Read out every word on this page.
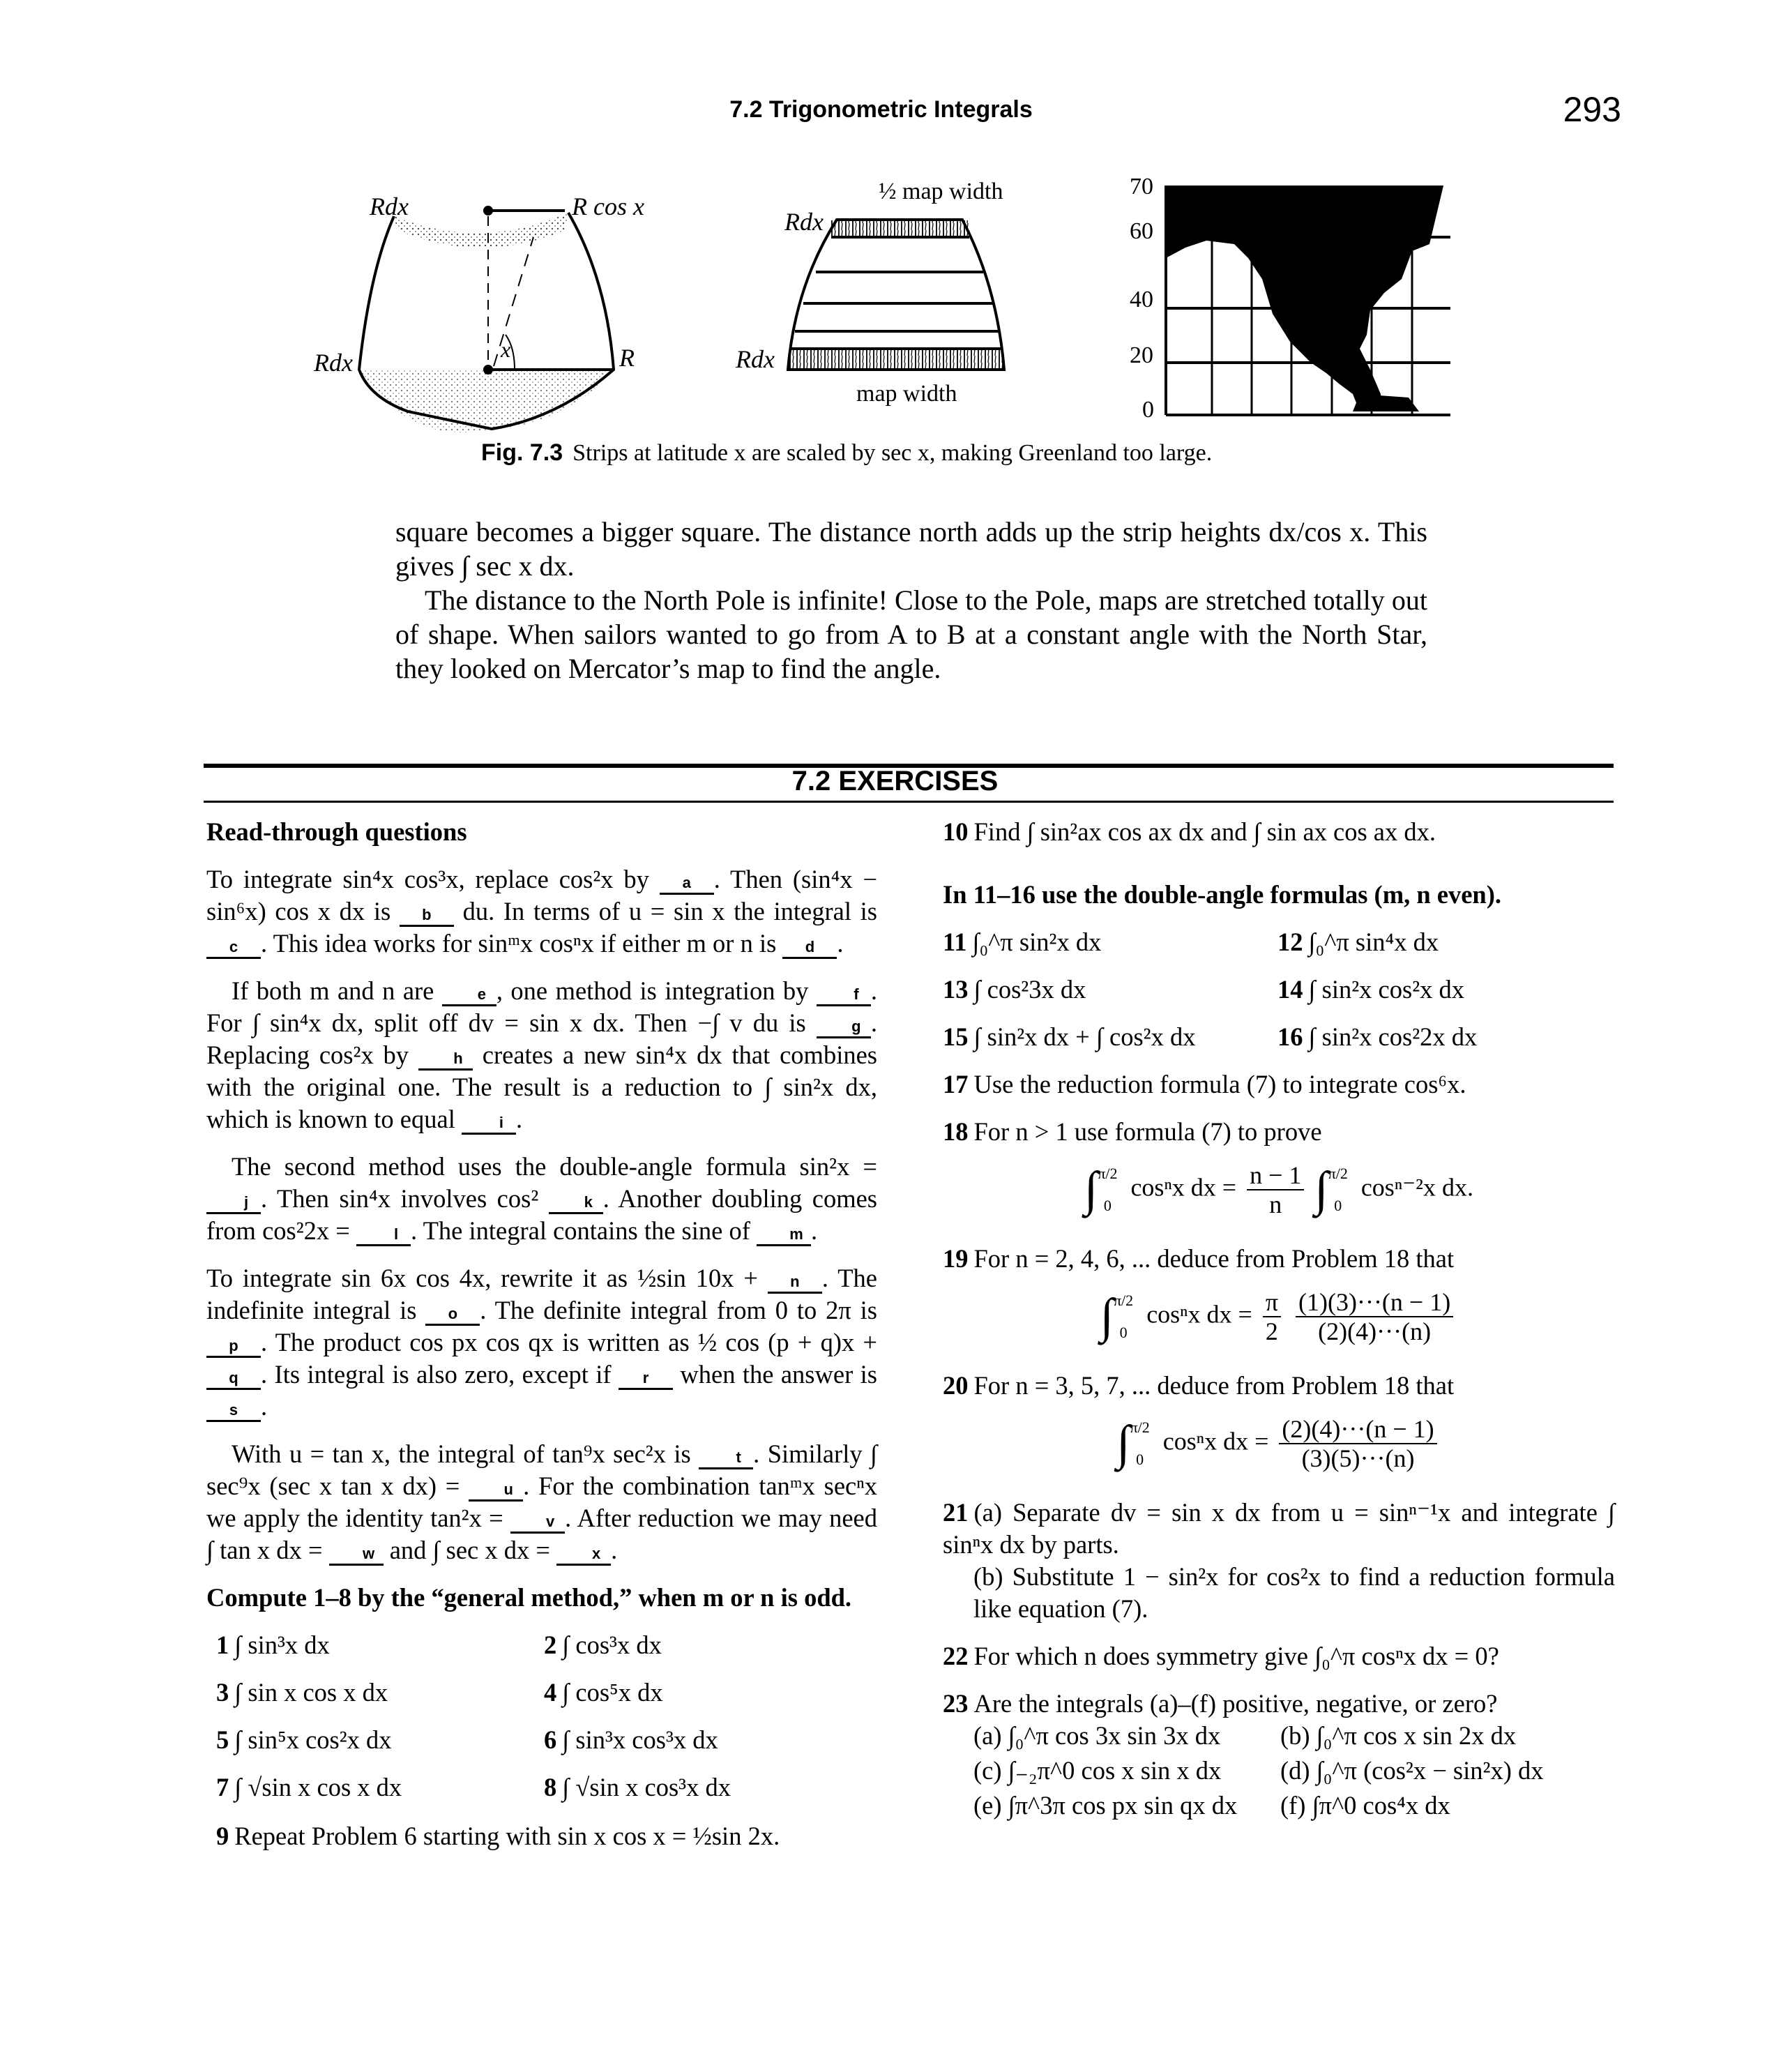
7.2 Trigonometric Integrals	293
Rdx	R cos x
Rdx	R
x
½ map width
Rdx
Rdx
map width
70
60
40
20
0
Fig. 7.3 Strips at latitude x are scaled by sec x, making Greenland too large.

square becomes a bigger square. The distance north adds up the strip heights dx/cos x. This gives ∫ sec x dx.

The distance to the North Pole is infinite! Close to the Pole, maps are stretched totally out of shape. When sailors wanted to go from A to B at a constant angle with the North Star, they looked on Mercator’s map to find the angle.

7.2 EXERCISES

Read-through questions

To integrate sin⁴x cos³x, replace cos²x by a . Then (sin⁴x − sin⁶x) cos x dx is b du. In terms of u = sin x the integral is c . This idea works for sinᵐx cosⁿx if either m or n is d .

If both m and n are e , one method is integration by f . For ∫ sin⁴x dx, split off dv = sin x dx. Then −∫ v du is g . Replacing cos²x by h creates a new sin⁴x dx that combines with the original one. The result is a reduction to ∫ sin²x dx, which is known to equal i .

The second method uses the double-angle formula sin²x = j . Then sin⁴x involves cos² k . Another doubling comes from cos²2x = l . The integral contains the sine of m .

To integrate sin 6x cos 4x, rewrite it as ½sin 10x + n . The indefinite integral is o . The definite integral from 0 to 2π is p . The product cos px cos qx is written as ½ cos (p + q)x + q . Its integral is also zero, except if r when the answer is s .

With u = tan x, the integral of tan⁹x sec²x is t . Similarly ∫ sec⁹x (sec x tan x dx) = u . For the combination tanᵐx secⁿx we apply the identity tan²x = v . After reduction we may need ∫ tan x dx = w and ∫ sec x dx = x .

Compute 1–8 by the “general method,” when m or n is odd.

1 ∫ sin³x dx	2 ∫ cos³x dx
3 ∫ sin x cos x dx	4 ∫ cos⁵x dx
5 ∫ sin⁵x cos²x dx	6 ∫ sin³x cos³x dx
7 ∫ √sin x cos x dx	8 ∫ √sin x cos³x dx

9 Repeat Problem 6 starting with sin x cos x = ½sin 2x.

10 Find ∫ sin²ax cos ax dx and ∫ sin ax cos ax dx.

In 11–16 use the double-angle formulas (m, n even).

11 ∫₀^π sin²x dx	12 ∫₀^π sin⁴x dx
13 ∫ cos²3x dx	14 ∫ sin²x cos²x dx
15 ∫ sin²x dx + ∫ cos²x dx	16 ∫ sin²x cos²2x dx

17 Use the reduction formula (7) to integrate cos⁶x.

18 For n > 1 use formula (7) to prove

∫ π/2
0
cosⁿx dx = $\frac{n - 1}{n}$ ∫ π/2
0
cosⁿ⁻²x dx.

19 For n = 2, 4, 6, ... deduce from Problem 18 that

∫ π/2
0
cosⁿx dx = $\frac{\pi}{2}$
$\frac{(1)(3)\cdot\cdot\cdot(n - 1)}{(2)(4)\cdot\cdot\cdot(n)}$

20 For n = 3, 5, 7, ... deduce from Problem 18 that

∫ π/2
0
cosⁿx dx = $\frac{(2)(4)\cdot\cdot\cdot(n - 1)}{(3)(5)\cdot\cdot\cdot(n)}$

21 (a) Separate dv = sin x dx from u = sinⁿ⁻¹x and integrate ∫ sinⁿx dx by parts.

(b) Substitute 1 − sin²x for cos²x to find a reduction formula like equation (7).

22 For which n does symmetry give ∫₀^π cosⁿx dx = 0?

23 Are the integrals (a)–(f) positive, negative, or zero?

(a) ∫₀^π cos 3x sin 3x dx	(b) ∫₀^π cos x sin 2x dx
(c) ∫₋₂π^0 cos x sin x dx	(d) ∫₀^π (cos²x − sin²x) dx
(e) ∫π^3π cos px sin qx dx	(f) ∫π^0 cos⁴x dx
